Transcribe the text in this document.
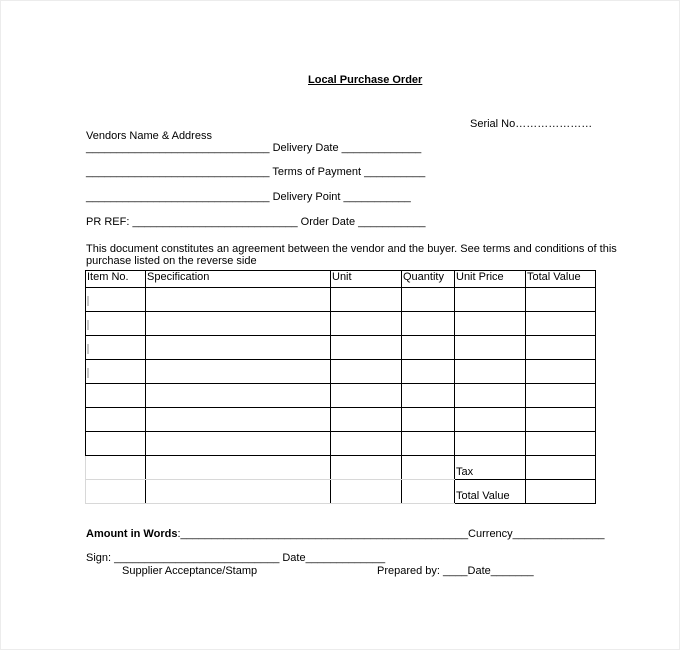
Local Purchase Order
Serial No…………………
Vendors Name & Address
______________________________ Delivery Date _____________
______________________________ Terms of Payment __________
______________________________ Delivery Point ___________
PR REF: ___________________________ Order Date ___________
This document constitutes an agreement between the vendor and the buyer. See terms and conditions of this
purchase listed on the reverse side
Item No.	Specification	Unit	Quantity	Unit Price	Total Value

				Tax	
				Total Value	
Amount in Words:_______________________________________________Currency_______________
Sign: ___________________________ Date_____________
Supplier Acceptance/Stamp	Prepared by: ____Date_______
